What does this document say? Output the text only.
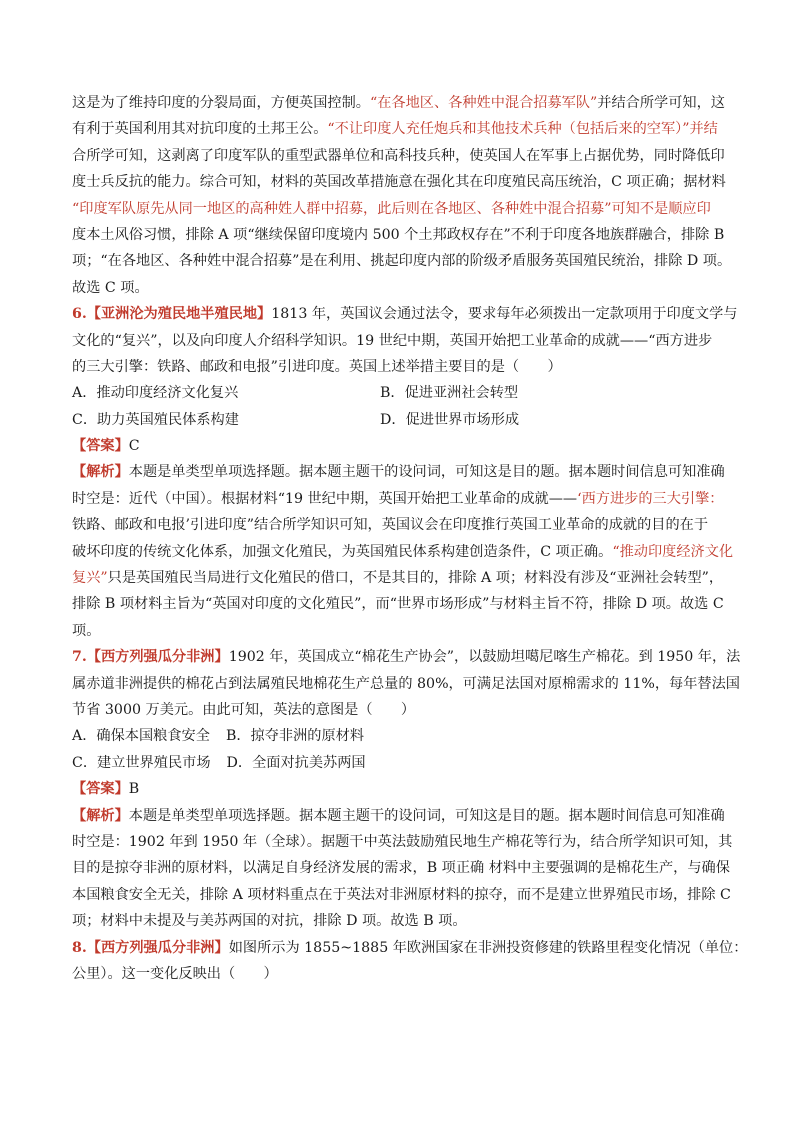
这是为了维持印度的分裂局面，方便英国控制。“在各地区、各种姓中混合招募军队”并结合所学可知，这
有利于英国利用其对抗印度的土邦王公。“不让印度人充任炮兵和其他技术兵种（包括后来的空军）”并结
合所学可知，这剥离了印度军队的重型武器单位和高科技兵种，使英国人在军事上占据优势，同时降低印
度士兵反抗的能力。综合可知，材料的英国改革措施意在强化其在印度殖民高压统治，C 项正确；据材料
“印度军队原先从同一地区的高种姓人群中招募，此后则在各地区、各种姓中混合招募”可知不是顺应印
度本土风俗习惯，排除 A 项“继续保留印度境内 500 个土邦政权存在”不利于印度各地族群融合，排除 B
项；“在各地区、各种姓中混合招募”是在利用、挑起印度内部的阶级矛盾服务英国殖民统治，排除 D 项。
故选 C 项。
6.【亚洲沦为殖民地半殖民地】1813 年，英国议会通过法令，要求每年必须拨出一定款项用于印度文学与
文化的“复兴”，以及向印度人介绍科学知识。19 世纪中期，英国开始把工业革命的成就——“西方进步
的三大引擎：铁路、邮政和电报”引进印度。英国上述举措主要目的是（　　）
A．推动印度经济文化复兴	B．促进亚洲社会转型
C．助力英国殖民体系构建	D．促进世界市场形成
【答案】C
【解析】本题是单类型单项选择题。据本题主题干的设问词，可知这是目的题。据本题时间信息可知准确
时空是：近代（中国）。根据材料“19 世纪中期，英国开始把工业革命的成就——‘西方进步的三大引擎：
铁路、邮政和电报’引进印度”结合所学知识可知，英国议会在印度推行英国工业革命的成就的目的在于
破坏印度的传统文化体系，加强文化殖民，为英国殖民体系构建创造条件，C 项正确。“推动印度经济文化
复兴”只是英国殖民当局进行文化殖民的借口，不是其目的，排除 A 项；材料没有涉及“亚洲社会转型”，
排除 B 项材料主旨为“英国对印度的文化殖民”，而“世界市场形成”与材料主旨不符，排除 D 项。故选 C
项。
7.【西方列强瓜分非洲】1902 年，英国成立“棉花生产协会”，以鼓励坦噶尼喀生产棉花。到 1950 年，法
属赤道非洲提供的棉花占到法属殖民地棉花生产总量的 80%，可满足法国对原棉需求的 11%，每年替法国
节省 3000 万美元。由此可知，英法的意图是（　　）
A．确保本国粮食安全 B．掠夺非洲的原材料
C．建立世界殖民市场 D．全面对抗美苏两国
【答案】B
【解析】本题是单类型单项选择题。据本题主题干的设问词，可知这是目的题。据本题时间信息可知准确
时空是：1902 年到 1950 年（全球）。据题干中英法鼓励殖民地生产棉花等行为，结合所学知识可知，其
目的是掠夺非洲的原材料，以满足自身经济发展的需求，B 项正确 材料中主要强调的是棉花生产，与确保
本国粮食安全无关，排除 A 项材料重点在于英法对非洲原材料的掠夺，而不是建立世界殖民市场，排除 C
项；材料中未提及与美苏两国的对抗，排除 D 项。故选 B 项。
8.【西方列强瓜分非洲】如图所示为 1855~1885 年欧洲国家在非洲投资修建的铁路里程变化情况（单位：
公里）。这一变化反映出（　　）
